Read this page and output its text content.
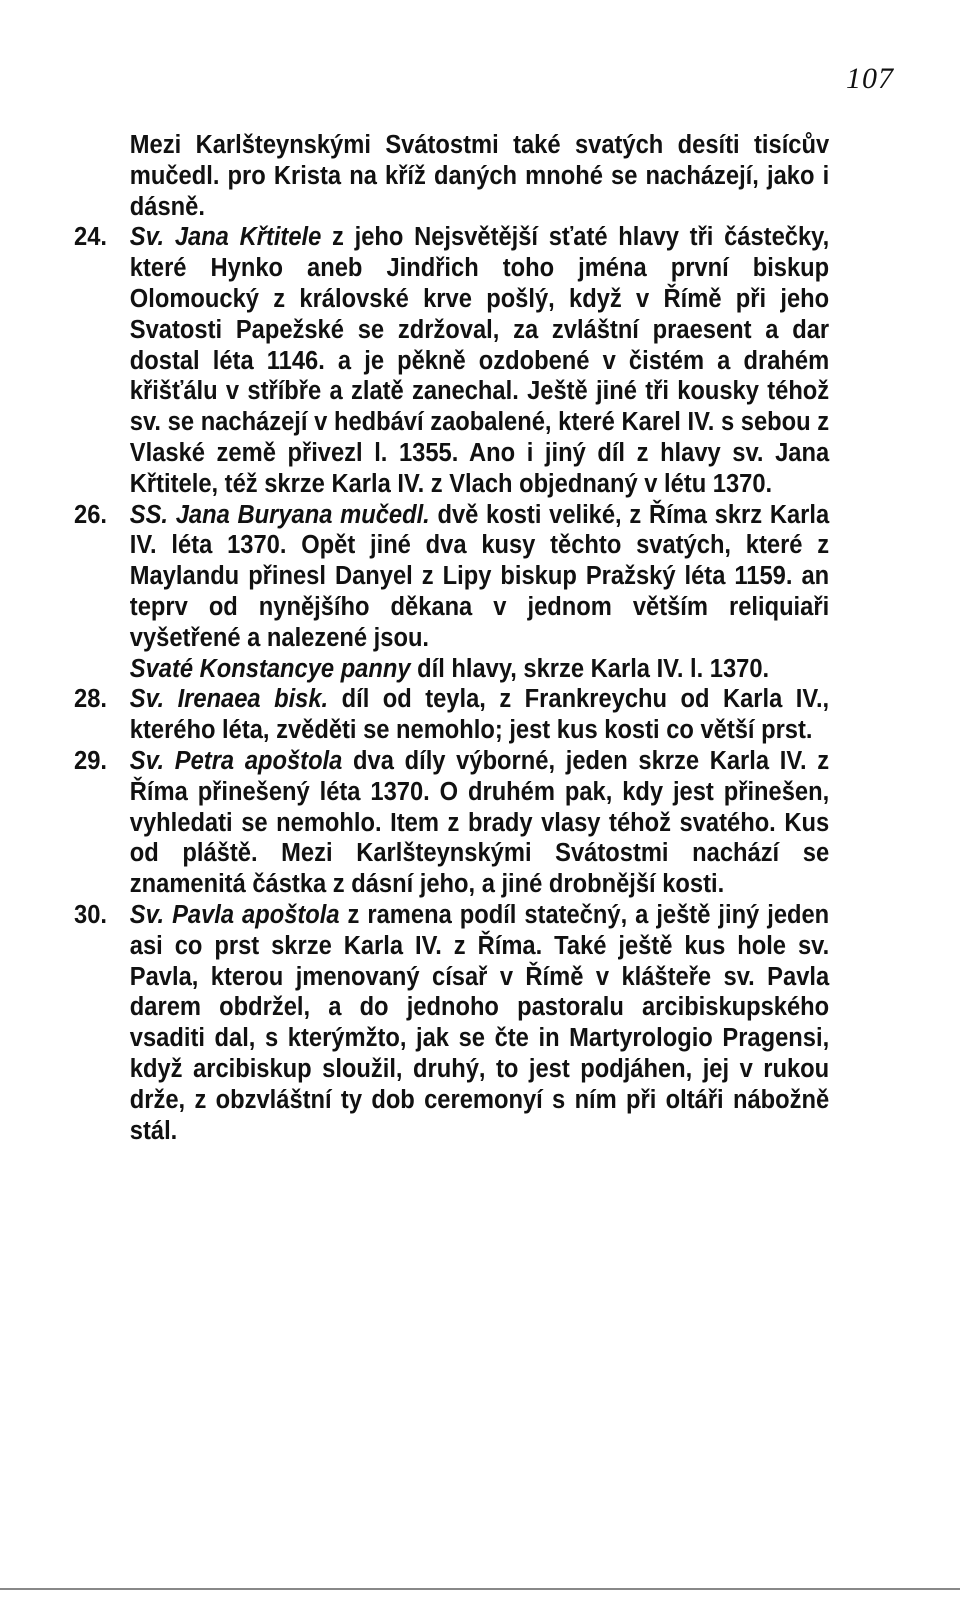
107

Mezi Karlšteynskými Svátostmi také svatých desíti tisícův mučedl. pro Krista na kříž daných mnohé se nacházejí, jako i dásně.

24. Sv. Jana Křtitele z jeho Nejsvětější sťaté hlavy tři částečky, které Hynko aneb Jindřich toho jména první biskup Olomoucký z královské krve pošlý, když v Římě při jeho Svatosti Papežské se zdržoval, za zvláštní praesent a dar dostal léta 1146. a je pěkně ozdobené v čistém a drahém křišťálu v stříbře a zlatě zanechal. Ještě jiné tři kousky téhož sv. se nacházejí v hedbáví zaobalené, které Karel IV. s sebou z Vlaské země přivezl l. 1355. Ano i jiný díl z hlavy sv. Jana Křtitele, též skrze Karla IV. z Vlach objednaný v létu 1370.

26. SS. Jana Buryana mučedl. dvě kosti veliké, z Říma skrz Karla IV. léta 1370. Opět jiné dva kusy těchto svatých, které z Maylandu přinesl Danyel z Lipy biskup Pražský léta 1159. an teprv od nynějšího děkana v jednom větším reliquiaři vyšetřené a nalezené jsou.

Svaté Konstancye panny díl hlavy, skrze Karla IV. l. 1370.

28. Sv. Irenaea bisk. díl od teyla, z Frankreychu od Karla IV., kterého léta, zvěděti se nemohlo; jest kus kosti co větší prst.

29. Sv. Petra apoštola dva díly výborné, jeden skrze Karla IV. z Říma přinešený léta 1370. O druhém pak, kdy jest přinešen, vyhledati se nemohlo. Item z brady vlasy téhož svatého. Kus od pláště. Mezi Karlšteynskými Svátostmi nachází se znamenitá částka z dásní jeho, a jiné drobnější kosti.

30. Sv. Pavla apoštola z ramena podíl statečný, a ještě jiný jeden asi co prst skrze Karla IV. z Říma. Také ještě kus hole sv. Pavla, kterou jmenovaný císař v Římě v klášteře sv. Pavla darem obdržel, a do jednoho pastoralu arcibiskupského vsaditi dal, s kterýmžto, jak se čte in Martyrologio Pragensi, když arcibiskup sloužil, druhý, to jest podjáhen, jej v rukou drže, z obzvláštní ty dob ceremonyí s ním při oltáři nábožně stál.
